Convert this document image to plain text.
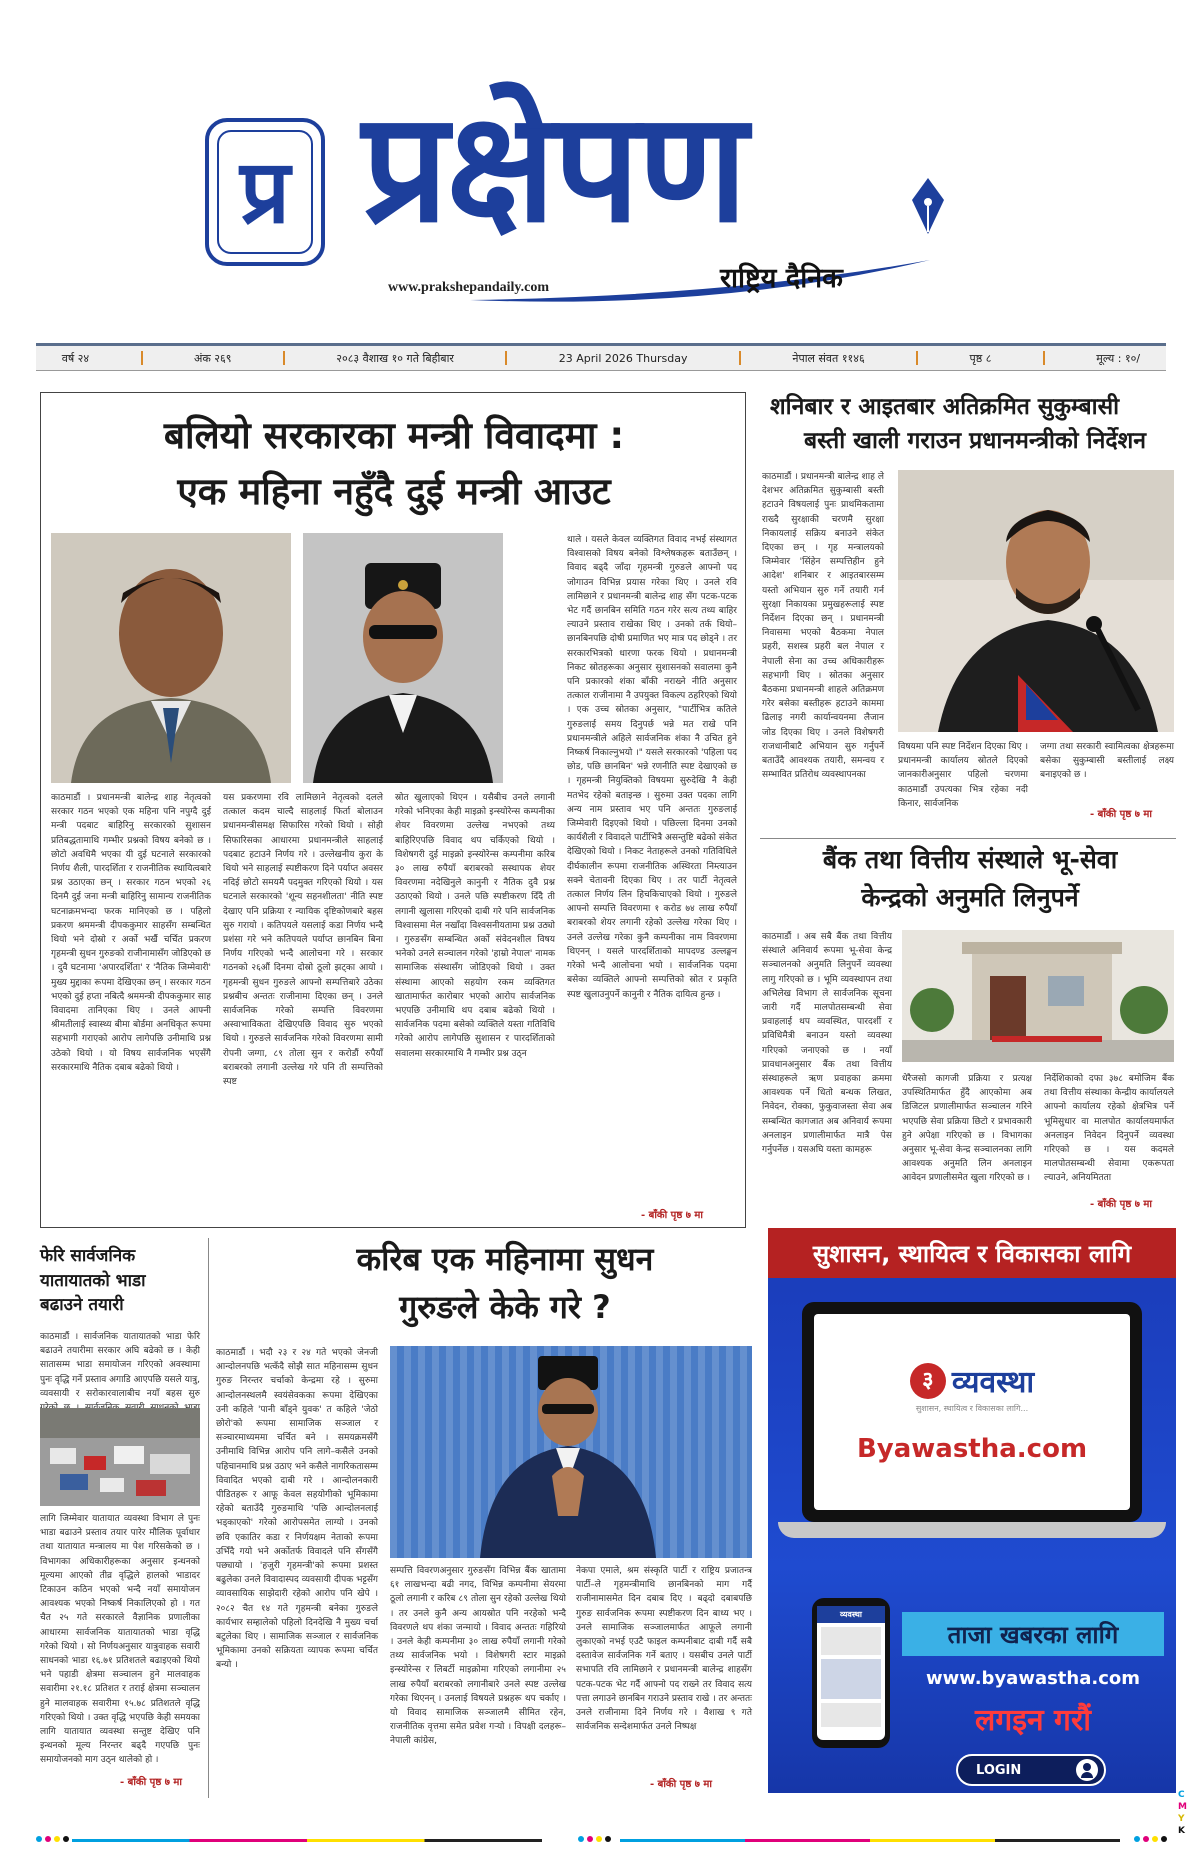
प्र प्रक्षेपण
www.prakshepandaily.com	राष्ट्रिय दैनिक
वर्ष २४	अंक २६९	२०८३ वैशाख १० गते बिहीबार	23 April 2026 Thursday	नेपाल संवत ११४६	पृष्ठ ८	मूल्य : १०/
बलियो सरकारका मन्त्री विवादमा :
एक महिना नहुँदै दुई मन्त्री आउट
काठमाडौं । प्रधानमन्त्री बालेन्द्र शाह नेतृत्वको सरकार गठन भएको एक महिना पनि नपुग्दै दुई मन्त्री पदबाट बाहिरिनु सरकारको सुशासन प्रतिबद्धतामाथि गम्भीर प्रश्नको विषय बनेको छ । छोटो अवधिमै भएका यी दुई घटनाले सरकारको निर्णय शैली, पारदर्शिता र राजनीतिक स्थायित्वबारे प्रश्न उठाएका छन् । सरकार गठन भएको २६ दिनमै दुई जना मन्त्री बाहिरिनु सामान्य राजनीतिक घटनाक्रमभन्दा फरक मानिएको छ । पहिलो प्रकरण श्रममन्त्री दीपककुमार साहसँग सम्बन्धित थियो भने दोस्रो र अर्को भर्खै चर्चित प्रकरण गृहमन्त्री सुधन गुरुङको राजीनामासँग जोडिएको छ । दुवै घटनामा 'अपारदर्शिता' र 'नैतिक जिम्मेवारी' मुख्य मुद्दाका रूपमा देखिएका छन् । सरकार गठन भएको दुई हप्ता नबित्दै श्रममन्त्री दीपककुमार साह विवादमा तानिएका थिए । उनले आफ्नी श्रीमतीलाई स्वास्थ्य बीमा बोर्डमा अनधिकृत रूपमा सहभागी गराएको आरोप लागेपछि उनीमाथि प्रश्न उठेको थियो । यो विषय सार्वजनिक भएसँगै सरकारमाथि नैतिक दबाब बढेको थियो ।
यस प्रकरणमा रवि लामिछाने नेतृत्वको दलले तत्काल कदम चाल्दै साहलाई फिर्ता बोलाउन प्रधानमन्त्रीसमक्ष सिफारिस गरेको थियो । सोही सिफारिसका आधारमा प्रधानमन्त्रीले साहलाई पदबाट हटाउने निर्णय गरे । उल्लेखनीय कुरा के थियो भने साहलाई स्पष्टीकरण दिने पर्याप्त अवसर नदिई छोटो समयमै पदमुक्त गरिएको थियो । यस घटनाले सरकारको 'शून्य सहनशीलता' नीति स्पष्ट देखाए पनि प्रक्रिया र न्यायिक दृष्टिकोणबारे बहस सुरु गरायो । कतिपयले यसलाई कडा निर्णय भन्दै प्रशंसा गरे भने कतिपयले पर्याप्त छानबिन बिना निर्णय गरिएको भन्दै आलोचना गरे । सरकार गठनको २६औं दिनमा दोस्रो ठूलो झट्का आयो । गृहमन्त्री सुधन गुरुङले आफ्नो सम्पत्तिबारे उठेका प्रश्नबीच अन्ततः राजीनामा दिएका छन् । उनले सार्वजनिक गरेको सम्पत्ति विवरणमा अस्वाभाविकता देखिएपछि विवाद सुरु भएको थियो । गुरुङले सार्वजनिक गरेको विवरणमा सामी रोपनी जग्गा, ८९ तोला सुन र करोडौं रुपैयाँ बराबरको लगानी उल्लेख गरे पनि ती सम्पत्तिको स्पष्ट
स्रोत खुलाएको थिएन । यसैबीच उनले लगानी गरेको भनिएका केही माइक्रो इन्स्योरेन्स कम्पनीका शेयर विवरणमा उल्लेख नभएको तथ्य बाहिरिएपछि विवाद थप चर्किएको थियो । विशेषगरी दुई माइक्रो इन्स्योरेन्स कम्पनीमा करिब ३० लाख रुपैयाँ बराबरको सस्थापक शेयर विवरणमा नदेखिनुले कानुनी र नैतिक दुवै प्रश्न उठाएको थियो । उनले पछि स्पष्टीकरण दिँदै ती लगानी खुलासा गरिएको दाबी गरे पनि सार्वजनिक विश्वासमा मेल नखाँदा विश्वसनीयतामा प्रश्न उठ्यो । गुरुङसँग सम्बन्धित अर्को संवेदनशील विषय भनेको उनले सञ्चालन गरेको 'हाम्रो नेपाल' नामक सामाजिक संस्थासँग जोडिएको थियो । उक्त संस्थामा आएको सहयोग रकम व्यक्तिगत खातामार्फत कारोबार भएको आरोप सार्वजनिक भएपछि उनीमाथि थप दबाब बढेको थियो । सार्वजनिक पदमा बसेको व्यक्तिले यस्ता गतिविधि गरेको आरोप लागेपछि सुशासन र पारदर्शिताको सवालमा सरकारमाथि नै गम्भीर प्रश्न उठ्न
थाले । यसले केवल व्यक्तिगत विवाद नभई संस्थागत विश्वासको विषय बनेको विश्लेषकहरू बताउँछन् । विवाद बढ्दै जाँदा गृहमन्त्री गुरुङले आफ्नो पद जोगाउन विभिन्न प्रयास गरेका थिए । उनले रवि लामिछाने र प्रधानमन्त्री बालेन्द्र शाह सँग पटक-पटक भेट गर्दै छानबिन समिति गठन गरेर सत्य तथ्य बाहिर ल्याउने प्रस्ताव राखेका थिए । उनको तर्क थियो–छानबिनपछि दोषी प्रमाणित भए मात्र पद छोड्ने । तर सरकारभित्रको धारणा फरक थियो । प्रधानमन्त्री निकट स्रोतहरूका अनुसार सुशासनको सवालमा कुनै पनि प्रकारको शंका बाँकी नराख्ने नीति अनुसार तत्काल राजीनामा नै उपयुक्त विकल्प ठहरिएको थियो । एक उच्च स्रोतका अनुसार, "पार्टीभित्र कतिले गुरुङलाई समय दिनुपर्छ भन्ने मत राखे पनि प्रधानमन्त्रीले अहिले सार्वजनिक शंका नै उचित हुने निष्कर्ष निकाल्नुभयो ।" यसले सरकारको 'पहिला पद छोड, पछि छानबिन' भन्ने रणनीति स्पष्ट देखाएको छ । गृहमन्त्री नियुक्तिको विषयमा सुरुदेखि नै केही मतभेद रहेको बताइन्छ । सुरुमा उक्त पदका लागि अन्य नाम प्रस्ताव भए पनि अन्ततः गुरुङलाई जिम्मेवारी दिइएको थियो । पछिल्ला दिनमा उनको कार्यशैली र विवादले पार्टीभित्रै असन्तुष्टि बढेको संकेत देखिएको थियो । निकट नेताहरूले उनको गतिविधिले दीर्घकालीन रूपमा राजनीतिक अस्थिरता निम्त्याउन सक्ने चेतावनी दिएका थिए । तर पार्टी नेतृत्वले तत्काल निर्णय लिन हिचकिचाएको थियो । गुरुङले आफ्नो सम्पत्ति विवरणमा १ करोड ७४ लाख रुपैयाँ बराबरको शेयर लगानी रहेको उल्लेख गरेका थिए । उनले उल्लेख गरेका कुनै कम्पनीका नाम विवरणमा थिएनन् । यसले पारदर्शिताको मापदण्ड उल्लङ्घन गरेको भन्दै आलोचना भयो । सार्वजनिक पदमा बसेका व्यक्तिले आफ्नो सम्पत्तिको स्रोत र प्रकृति स्पष्ट खुलाउनुपर्ने कानुनी र नैतिक दायित्व हुन्छ ।
- बाँकी पृष्ठ ७ मा
शनिबार र आइतबार अतिक्रमित सुकुम्बासी
बस्ती खाली गराउन प्रधानमन्त्रीको निर्देशन
काठमाडौं । प्रधानमन्त्री बालेन्द्र शाह ले देशभर अतिक्रमित सुकुम्बासी बस्ती हटाउने विषयलाई पुनः प्राथमिकतामा राख्दै सुरक्षाकी चरणमै सुरक्षा निकायलाई सक्रिय बनाउने संकेत दिएका छन् । गृह मन्त्रालयको जिम्मेवार 'सिंहेन सम्पत्तिहीन हुने आदेश' शनिबार र आइतबारसम्म यस्तो अभियान सुरु गर्ने तयारी गर्न सुरक्षा निकायका प्रमुखहरूलाई स्पष्ट निर्देशन दिएका छन् । प्रधानमन्त्री निवासमा भएको बैठकमा नेपाल प्रहरी, सशस्त्र प्रहरी बल नेपाल र नेपाली सेना का उच्च अधिकारीहरू सहभागी थिए । स्रोतका अनुसार बैठकमा प्रधानमन्त्री शाहले अतिक्रमण गरेर बसेका बस्तीहरू हटाउने काममा ढिलाइ नगरी कार्यान्वयनमा लैजान जोड दिएका थिए । उनले विशेषगरी राजधानीबाटै अभियान सुरु गर्नुपर्ने बताउँदै आवश्यक तयारी, समन्वय र सम्भावित प्रतिरोध व्यवस्थापनका
विषयमा पनि स्पष्ट निर्देशन दिएका थिए । प्रधानमन्त्री कार्यालय स्रोतले दिएको जानकारीअनुसार पहिलो चरणमा काठमाडौं उपत्यका भित्र रहेका नदी किनार, सार्वजनिक
जग्गा तथा सरकारी स्वामित्वका क्षेत्रहरूमा बसेका सुकुम्बासी बस्तीलाई लक्ष्य बनाइएको छ ।
- बाँकी पृष्ठ ७ मा
बैंक तथा वित्तीय संस्थाले भू-सेवा
केन्द्रको अनुमति लिनुपर्ने
काठमाडौं । अब सबै बैंक तथा वित्तीय संस्थाले अनिवार्य रूपमा भू-सेवा केन्द्र सञ्चालनको अनुमति लिनुपर्ने व्यवस्था लागु गरिएको छ । भूमि व्यवस्थापन तथा अभिलेख विभाग ले सार्वजनिक सूचना जारी गर्दै मालपोतसम्बन्धी सेवा प्रवाहलाई थप व्यवस्थित, पारदर्शी र प्रविधिमैत्री बनाउन यस्तो व्यवस्था गरिएको जनाएको छ । नयाँ प्रावधानअनुसार बैंक तथा वित्तीय संस्थाहरूले ऋण प्रवाहका क्रममा आवश्यक पर्ने धितो बन्धक लिखत, निवेदन, रोक्का, फुकुवाजस्ता सेवा अब सम्बन्धित कागजात अब अनिवार्य रूपमा अनलाइन प्रणालीमार्फत मात्रै पेस गर्नुपर्नेछ । यसअघि यस्ता कामहरू
धेरैजसो कागजी प्रक्रिया र प्रत्यक्ष उपस्थितिमार्फत हुँदै आएकोमा अब डिजिटल प्रणालीमार्फत सञ्चालन गरिने भएपछि सेवा प्रक्रिया छिटो र प्रभावकारी हुने अपेक्षा गरिएको छ । विभागका अनुसार भू-सेवा केन्द्र सञ्चालनका लागि आवश्यक अनुमति लिन अनलाइन आवेदन प्रणालीसमेत खुला गरिएको छ ।
निर्देशिकाको दफा ३७८ बमोजिम बैंक तथा वित्तीय संस्थाका केन्द्रीय कार्यालयले आफ्नो कार्यालय रहेको क्षेत्रभित्र पर्ने भूमिसुधार वा मालपोत कार्यालयमार्फत अनलाइन निवेदन दिनुपर्ने व्यवस्था गरिएको छ । यस कदमले मालपोतसम्बन्धी सेवामा एकरूपता ल्याउने, अनियमितता
- बाँकी पृष्ठ ७ मा
फेरि सार्वजनिक यातायातको भाडा बढाउने तयारी
काठमाडौं । सार्वजनिक यातायातको भाडा फेरि बढाउने तयारीमा सरकार अघि बढेको छ । केही सातासम्म भाडा समायोजन गरिएको अवस्थामा पुनः वृद्धि गर्ने प्रस्ताव अगाडि आएपछि यसले यात्रु, व्यवसायी र सरोकारवालाबीच नयाँ बहस सुरु
लागि जिम्मेवार यातायात व्यवस्था विभाग ले पुनः भाडा बढाउने प्रस्ताव तयार पारेर मौलिक पूर्वाधार तथा यातायात मन्त्रालय मा पेश गरिसकेको छ । विभागका अधिकारीहरूका अनुसार इन्धनको मूल्यमा आएको तीव्र वृद्धिले हालको भाडादर टिकाउन कठिन भएको भन्दै नयाँ समायोजन आवश्यक भएको निष्कर्ष निकालिएको हो । गत चैत २५ गते सरकारले वैज्ञानिक प्रणालीका आधारमा सार्वजनिक यातायातको भाडा वृद्धि गरेको थियो । सो निर्णयअनुसार यात्रुवाहक सवारी साधनको भाडा १६.७१ प्रतिशतले बढाइएको थियो भने पहाडी क्षेत्रमा सञ्चालन हुने मालवाहक सवारीमा २१.१८ प्रतिशत र तराई क्षेत्रमा सञ्चालन हुने मालवाहक सवारीमा १५.७८ प्रतिशतले वृद्धि गरिएको थियो । उक्त वृद्धि भएपछि केही समयका लागि यातायात व्यवस्था सन्तुष्ट देखिए पनि इन्धनको मूल्य निरन्तर बढ्दै गएपछि पुनः समायोजनको माग उठ्न थालेको हो ।
- बाँकी पृष्ठ ७ मा
करिब एक महिनामा सुधन
गुरुङले केके गरे ?
काठमाडौं । भदौ २३ र २४ गते भएको जेनजी आन्दोलनपछि भत्कँदै सोझै सात महिनासम्म सुधन गुरुङ निरन्तर चर्चाको केन्द्रमा रहे । सुरुमा आन्दोलनस्थलमै स्वयंसेवकका रूपमा देखिएका उनी कहिले 'पानी बाँड्ने युवक' त कहिले 'जेठो छोरो'को रूपमा सामाजिक सञ्जाल र सञ्चारमाध्यममा चर्चित बने । समयक्रमसँगै उनीमाथि विभिन्न आरोप पनि लागे–कसैले उनको पहिचानमाथि प्रश्न उठाए भने कसैले नागरिकतासम्म विवादित भएको दाबी गरे । आन्दोलनकारी पीडितहरू र आफू केवल सहयोगीको भूमिकामा रहेको बताउँदै गुरुङमाथि 'पछि आन्दोलनलाई भड्काएको' गरेको आरोपसमेत लाग्यो । उनको छवि एकातिर कडा र निर्णयक्षम नेताको रूपमा उभिँदै गयो भने अर्कोतर्फ विवादले पनि सँगसँगै पछ्यायो । 'हजुरी गृहमन्त्री'को रूपमा प्रशस्त बढुलेका उनले विवादास्पद व्यवसायी दीपक भट्टसँग व्यावसायिक साझेदारी रहेको आरोप पनि खेपे । २०८२ चैत १४ गते गृहमन्त्री बनेका गुरुङले कार्यभार सम्हालेको पहिलो दिनदेखि नै मुख्य चर्चा बटुलेका थिए । सामाजिक सञ्जाल र सार्वजनिक भूमिकामा उनको सक्रियता व्यापक रूपमा चर्चित बन्यो ।
सम्पत्ति विवरणअनुसार गुरुङसँग विभिन्न बैंक खातामा ६१ लाखभन्दा बढी नगद, विभिन्न कम्पनीमा सेयरमा ठूलो लगानी र करिब ८९ तोला सुन रहेको उल्लेख थियो । तर उनले कुनै अन्य आयस्रोत पनि नरहेको भन्दै विवरणले थप शंका जन्मायो । विवाद अन्ततः गहिरियो । उनले केही कम्पनीमा ३० लाख रुपैयाँ लगानी गरेको तथ्य सार्वजनिक भयो । विशेषगरी स्टार माइक्रो इन्स्योरेन्स र लिबर्टी माइक्रोमा गरिएको लगानीमा २५ लाख रुपैयाँ बराबरको लगानीबारे उनले स्पष्ट उल्लेख गरेका थिएनन् । उनलाई विषयले प्रश्नहरू थप चर्काए । यो विवाद सामाजिक सञ्जालमै सीमित रहेन, राजनीतिक वृत्तमा समेत प्रवेश गर्‍यो । विपक्षी दलहरू–नेपाली कांग्रेस,
नेकपा एमाले, श्रम संस्कृति पार्टी र राष्ट्रिय प्रजातन्त्र पार्टी–ले गृहमन्त्रीमाथि छानबिनको माग गर्दै राजीनामासमेत दिन दबाब दिए । बढ्दो दबाबपछि गुरुङ सार्वजनिक रूपमा स्पष्टीकरण दिन बाध्य भए । उनले सामाजिक सञ्जालमार्फत आफूले लगानी लुकाएको नभई एउटै फाइल कम्पनीबाट दाबी गर्दै सबै दस्तावेज सार्वजनिक गर्ने बताए । यसबीच उनले पार्टी सभापति रवि लामिछाने र प्रधानमन्त्री बालेन्द्र शाहसँग पटक-पटक भेट गर्दै आफ्नो पद राख्ने तर विवाद सत्य पत्ता लगाउने छानबिन गराउने प्रस्ताव राखे । तर अन्ततः उनले राजीनामा दिने निर्णय गरे । वैशाख ९ गते सार्वजनिक सन्देशमार्फत उनले निष्पक्ष
- बाँकी पृष्ठ ७ मा
सुशासन, स्थायित्व र विकासका लागि
३ व्यवस्था
सुशासन, स्थायित्व र विकासका लागि...
Byawastha.com
व्यवस्था
ताजा खबरका लागि
www.byawastha.com
लगइन गरौं
LOGIN
C
M
Y
K
